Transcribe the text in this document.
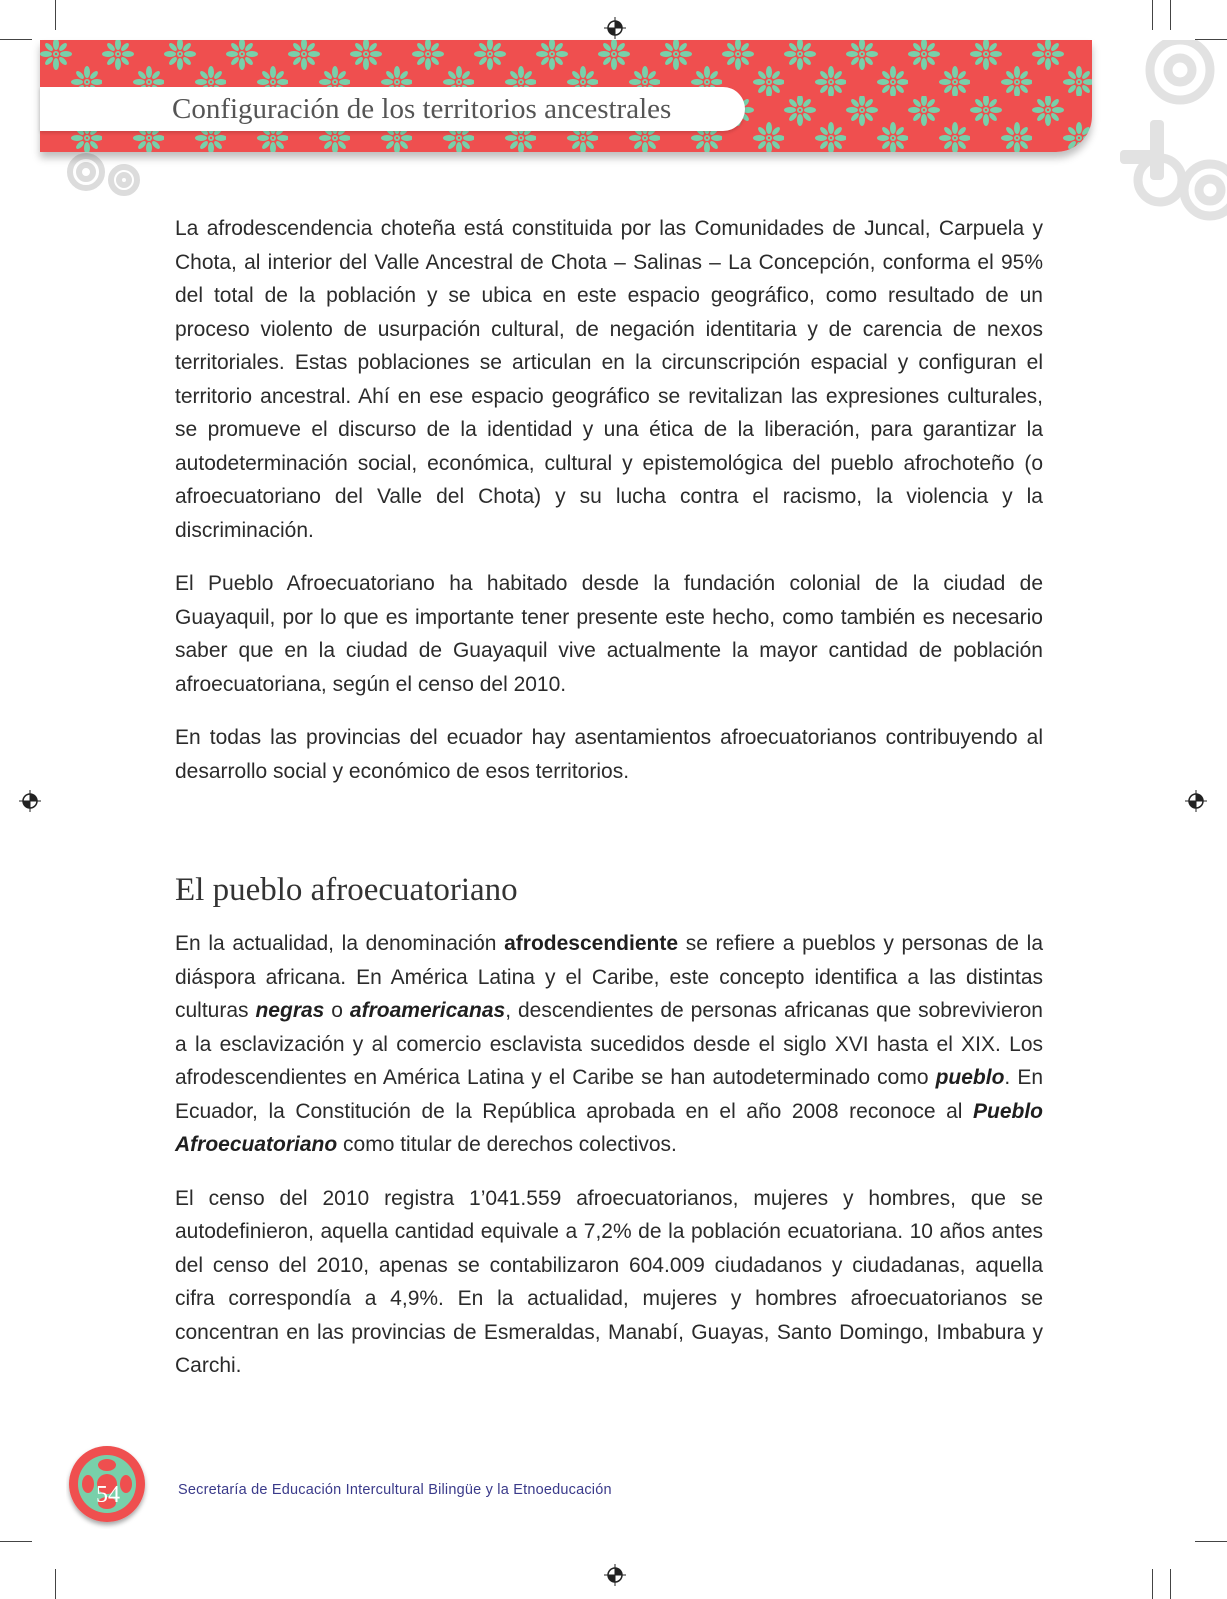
Configuración de los territorios ancestrales

La afrodescendencia choteña está constituida por las Comunidades de Juncal, Carpuela y Chota, al interior del Valle Ancestral de Chota – Salinas – La Concepción, conforma el 95% del total de la población y se ubica en este espacio geográfico, como resultado de un proceso violento de usurpación cultural, de negación identitaria y de carencia de nexos territoriales. Estas poblaciones se articulan en la circunscripción espacial y configuran el territorio ancestral. Ahí en ese espacio geográfico se revitalizan las expresiones culturales, se promueve el discurso de la identidad y una ética de la liberación, para garantizar la autodeterminación social, económica, cultural y epistemológica del pueblo afrochoteño (o afroecuatoriano del Valle del Chota) y su lucha contra el racismo, la violencia y la discriminación.

El Pueblo Afroecuatoriano ha habitado desde la fundación colonial de la ciudad de Guayaquil, por lo que es importante tener presente este hecho, como también es necesario saber que en la ciudad de Guayaquil vive actualmente la mayor cantidad de población afroecuatoriana, según el censo del 2010.

En todas las provincias del ecuador hay asentamientos afroecuatorianos contribuyendo al desarrollo social y económico de esos territorios.

El pueblo afroecuatoriano

En la actualidad, la denominación afrodescendiente se refiere a pueblos y personas de la diáspora africana. En América Latina y el Caribe, este concepto identifica a las distintas culturas negras o afroamericanas, descendientes de personas africanas que sobrevivieron a la esclavización y al comercio esclavista sucedidos desde el siglo XVI hasta el XIX. Los afrodescendientes en América Latina y el Caribe se han autodeterminado como pueblo. En Ecuador, la Constitución de la República aprobada en el año 2008 reconoce al Pueblo Afroecuatoriano como titular de derechos colectivos.

El censo del 2010 registra 1’041.559 afroecuatorianos, mujeres y hombres, que se autodefinieron, aquella cantidad equivale a 7,2% de la población ecuatoriana. 10 años antes del censo del 2010, apenas se contabilizaron 604.009 ciudadanos y ciudadanas, aquella cifra correspondía a 4,9%. En la actualidad, mujeres y hombres afroecuatorianos se concentran en las provincias de Esmeraldas, Manabí, Guayas, Santo Domingo, Imbabura y Carchi.

54	Secretaría de Educación Intercultural Bilingüe y la Etnoeducación
